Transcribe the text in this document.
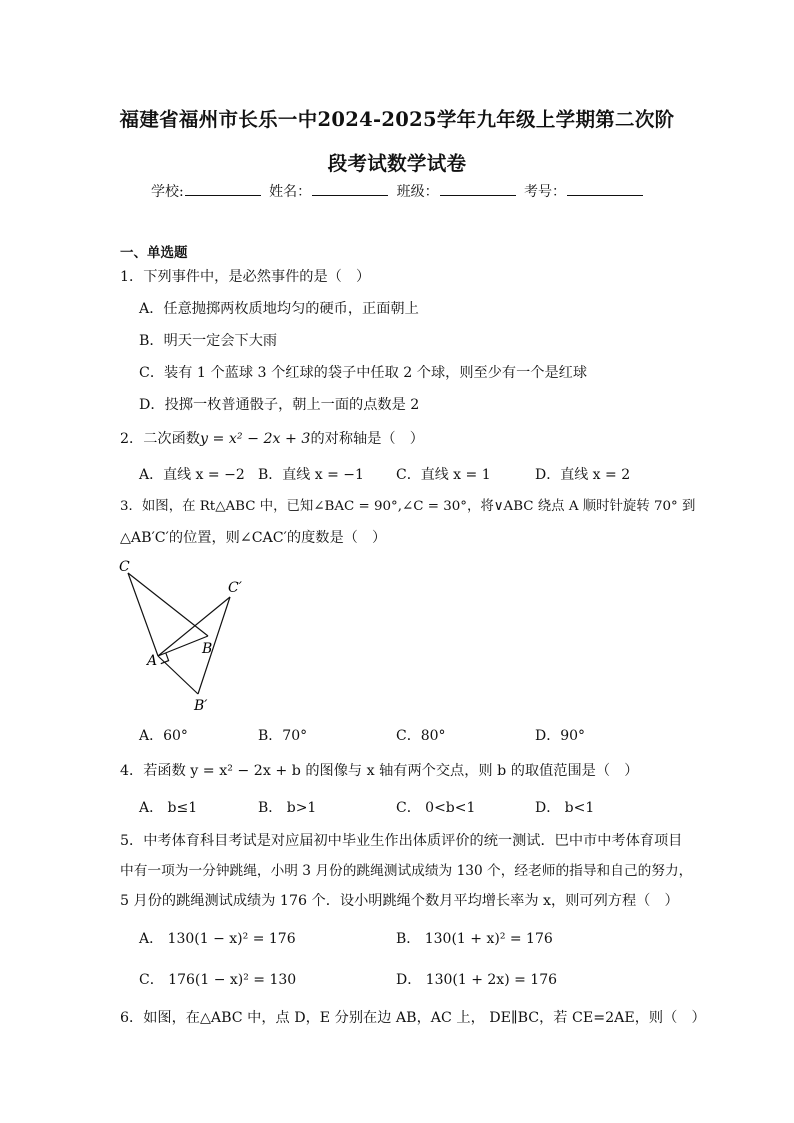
福建省福州市长乐一中2024-2025学年九年级上学期第二次阶
段考试数学试卷
学校:	姓名：	班级：	考号：
一、单选题
1．下列事件中，是必然事件的是（　）
A．任意抛掷两枚质地均匀的硬币，正面朝上
B．明天一定会下大雨
C．装有 1 个蓝球 3 个红球的袋子中任取 2 个球，则至少有一个是红球
D．投掷一枚普通骰子，朝上一面的点数是 2
2．二次函数y = x² − 2x + 3的对称轴是（　）
A．直线 x = −2 B．直线 x = −1 C．直线 x = 1	D．直线 x = 2
3．如图，在 Rt△ABC 中，已知∠BAC = 90°,∠C = 30°，将∨ABC 绕点 A 顺时针旋转 70° 到
△AB′C′的位置，则∠CAC′的度数是（　）
C
C′
A
B
B′
A．60°	B．70°	C．80°	D．90°
4．若函数 y = x² − 2x + b 的图像与 x 轴有两个交点，则 b 的取值范围是（　）
A． b≤1	B． b>1	C． 0<b<1	D． b<1
5．中考体育科目考试是对应届初中毕业生作出体质评价的统一测试．巴中市中考体育项目
中有一项为一分钟跳绳，小明 3 月份的跳绳测试成绩为 130 个，经老师的指导和自己的努力，
5 月份的跳绳测试成绩为 176 个．设小明跳绳个数月平均增长率为 x，则可列方程（　）
A． 130(1 − x)² = 176	B． 130(1 + x)² = 176
C． 176(1 − x)² = 130	D． 130(1 + 2x) = 176
6．如图，在△ABC 中，点 D，E 分别在边 AB，AC 上， DE∥BC，若 CE=2AE，则（　）
